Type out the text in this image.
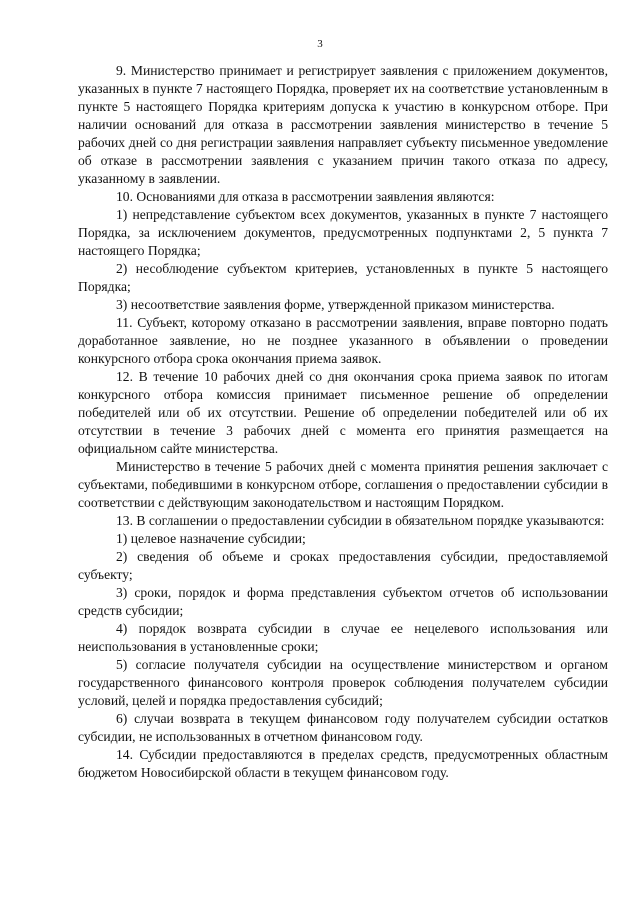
3

9. Министерство принимает и регистрирует заявления с приложением документов, указанных в пункте 7 настоящего Порядка, проверяет их на соответствие установленным в пункте 5 настоящего Порядка критериям допуска к участию в конкурсном отборе. При наличии оснований для отказа в рассмотрении заявления министерство в течение 5 рабочих дней со дня регистрации заявления направляет субъекту письменное уведомление об отказе в рассмотрении заявления с указанием причин такого отказа по адресу, указанному в заявлении.

10. Основаниями для отказа в рассмотрении заявления являются:

1) непредставление субъектом всех документов, указанных в пункте 7 настоящего Порядка, за исключением документов, предусмотренных подпунктами 2, 5 пункта 7 настоящего Порядка;

2) несоблюдение субъектом критериев, установленных в пункте 5 настоящего Порядка;

3) несоответствие заявления форме, утвержденной приказом министерства.

11. Субъект, которому отказано в рассмотрении заявления, вправе повторно подать доработанное заявление, но не позднее указанного в объявлении о проведении конкурсного отбора срока окончания приема заявок.

12. В течение 10 рабочих дней со дня окончания срока приема заявок по итогам конкурсного отбора комиссия принимает письменное решение об определении победителей или об их отсутствии. Решение об определении победителей или об их отсутствии в течение 3 рабочих дней с момента его принятия размещается на официальном сайте министерства.

Министерство в течение 5 рабочих дней с момента принятия решения заключает с субъектами, победившими в конкурсном отборе, соглашения о предоставлении субсидии в соответствии с действующим законодательством и настоящим Порядком.

13. В соглашении о предоставлении субсидии в обязательном порядке указываются:

1) целевое назначение субсидии;

2) сведения об объеме и сроках предоставления субсидии, предоставляемой субъекту;

3) сроки, порядок и форма представления субъектом отчетов об использовании средств субсидии;

4) порядок возврата субсидии в случае ее нецелевого использования или неиспользования в установленные сроки;

5) согласие получателя субсидии на осуществление министерством и органом государственного финансового контроля проверок соблюдения получателем субсидии условий, целей и порядка предоставления субсидий;

6) случаи возврата в текущем финансовом году получателем субсидии остатков субсидии, не использованных в отчетном финансовом году.

14. Субсидии предоставляются в пределах средств, предусмотренных областным бюджетом Новосибирской области в текущем финансовом году.
